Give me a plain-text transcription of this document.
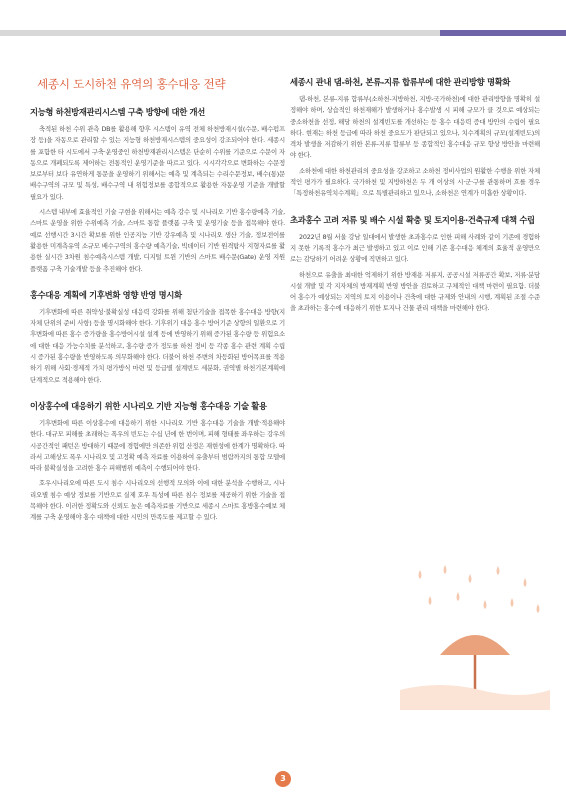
세종시 도시하천 유역의 홍수대응 전략
지능형 하천방재관리시스템 구축 방향에 대한 개선

축적된 하천 수위 관측 DB를 활용해 향후 시스템이 유역 전체 하천방재시설(수문, 배수펌프장 등)을 자동으로 관리할 수 있는 지능형 하천방재시스템의 중요성이 강조되어야 한다. 세종시를 포함한 타 시도에서 구축·운영중인 하천방재관리시스템은 단순히 수위를 기준으로 수문이 자동으로 개폐되도록 제어하는 전통적인 운영기준을 따르고 있다. 시시각각으로 변화하는 수문정보로부터 보다 유연하게 통문을 운영하기 위해서는 예측 및 계측되는 수리수문정보, 배수(통)문 배수구역의 규모 및 특성, 배수구역 내 위험정보를 종합적으로 활용한 자동운영 기준을 개발할 필요가 있다.

시스템 내부에 효율적인 기술 구현을 위해서는 예측 강수 및 시나리오 기반 홍수량예측 기술, 스마트 운영을 위한 수위예측 기술, 스마트 통합 플랫폼 구축 및 운영기술 등을 접목해야 한다. 예로 선행시간 3시간 확보를 위한 인공지능 기반 강우예측 및 시나리오 생산 기술, 정보전이를 활용한 미계측유역 소규모 배수구역의 홍수량 예측기술, 빅데이터 기반 원격탐사 지형자료를 활용한 실시간 3차원 침수예측시스템 개발, 디지털 트윈 기반의 스마트 배수문(Gate) 운영 지원 플랫폼 구축 기술개발 등을 추진해야 한다.

홍수대응 계획에 기후변화 영향 반영 명시화

기후변화에 따른 취약성·불확실성 대응력 강화를 위해 첨단기술을 접목한 홍수대응 방향(지자체 단위의 준비 사항) 등을 명시화해야 한다. 기후위기 대응 홍수 방어기준 상향의 일환으로 기후변화에 따른 홍수 증가량을 홍수방어시설 설계 등에 반영하기 위해 증가된 홍수량 등 위험요소에 대한 대응 가능수치를 분석하고, 홍수량 증가 정도를 하천 정비 등 각종 홍수 관련 계획 수립 시 증가된 홍수량을 반영하도록 의무화해야 한다. 더불어 하천 주변의 차등화된 방어목표를 적용하기 위해 사회·경제적 가치 평가방식 마련 및 등급별 설계빈도 세분화, 권역별 하천기본계획에 단계적으로 적용해야 한다.

이상홍수에 대응하기 위한 시나리오 기반 지능형 홍수대응 기술 활용

기후변화에 따른 이상홍수에 대응하기 위한 시나리오 기반 홍수대응 기술을 개발·적용해야 한다. 대규모 피해를 초래하는 폭우의 빈도는 수십 년에 한 번이며, 피해 형태를 좌우하는 강우의 시공간적인 패턴은 방대하기 때문에 경험에만 의존한 위험 산정은 재현성에 한계가 명확하다. 따라서 고해상도 폭우 시나리오 및 고정확 예측 자료를 이용하여 유출부터 범람까지의 통합 모델에 따라 불확실성을 고려한 홍수 피해범위 예측이 수행되어야 한다.

호우시나리오에 따른 도시 침수 시나리오의 선행적 모의와 이에 대한 분석을 수행하고, 시나리오별 침수 예상 정보를 기반으로 실제 호우 특성에 따른 침수 정보를 제공하기 위한 기술을 접목해야 한다. 이러한 정확도와 신뢰도 높은 예측자료를 기반으로 세종시 스마트 홍방홍수예보 체계를 구축 운영해야 홍수 대책에 대한 시민의 만족도를 제고할 수 있다.

세종시 관내 댐-하천, 본류-지류 합류부에 대한 관리방향 명확화

댐-하천, 본류-지류 합류부(소하천-지방하천, 지방-국가하천)에 대한 관리방향을 명확히 설정해야 하며, 상습적인 하천재해가 발생하거나 홍수발생 시 피해 규모가 클 것으로 예상되는 중소하천을 선정, 해당 하천의 설계빈도를 개선하는 등 홍수 대응력 증대 방안의 수립이 필요하다. 현재는 하천 등급에 따라 하천 중요도가 판단되고 있으나, 치수계획의 규모(설계빈도)의 격차 발생을 저감하기 위한 본류-지류 합류부 등 종합적인 홍수대응 규모 향상 방안을 마련해야 한다.

소하천에 대한 하천관리의 중요성을 강조하고 소하천 정비사업의 원활한 수행을 위한 자체적인 평가가 필요하다. 국가하천 및 지방하천은 두 개 이상의 시·군·구를 관통하며 흐를 경우 「특정하천유역치수계획」으로 특별관리하고 있으나, 소하천은 연계가 미흡한 상황이다.

초과홍수 고려 저류 및 배수 시설 확충 및 토지이용·건축규제 대책 수립

2022년 8월 서울 강남 일대에서 발생한 초과홍수로 인한 피해 사례와 같이 기존에 경험하지 못한 기록적 홍수가 최근 발생하고 있고 이로 인해 기존 홍수대응 체계의 효율적 운영만으로는 감당하기 어려운 상황에 직면하고 있다.

하천으로 유출을 최대한 억제하기 위한 방재용 저류지, 공공시설 저류공간 확보, 저류·분담 시설 개발 및 각 지자체의 방재계획 반영 방안을 검토하고 구체적인 대책 마련이 필요함. 더불어 홍수가 예상되는 지역의 토지 이용이나 건축에 대한 규제와 안내의 시행, 계획된 조절 수준을 초과하는 홍수에 대응하기 위한 토지나 건물 관리 대책을 마련해야 한다.

3
